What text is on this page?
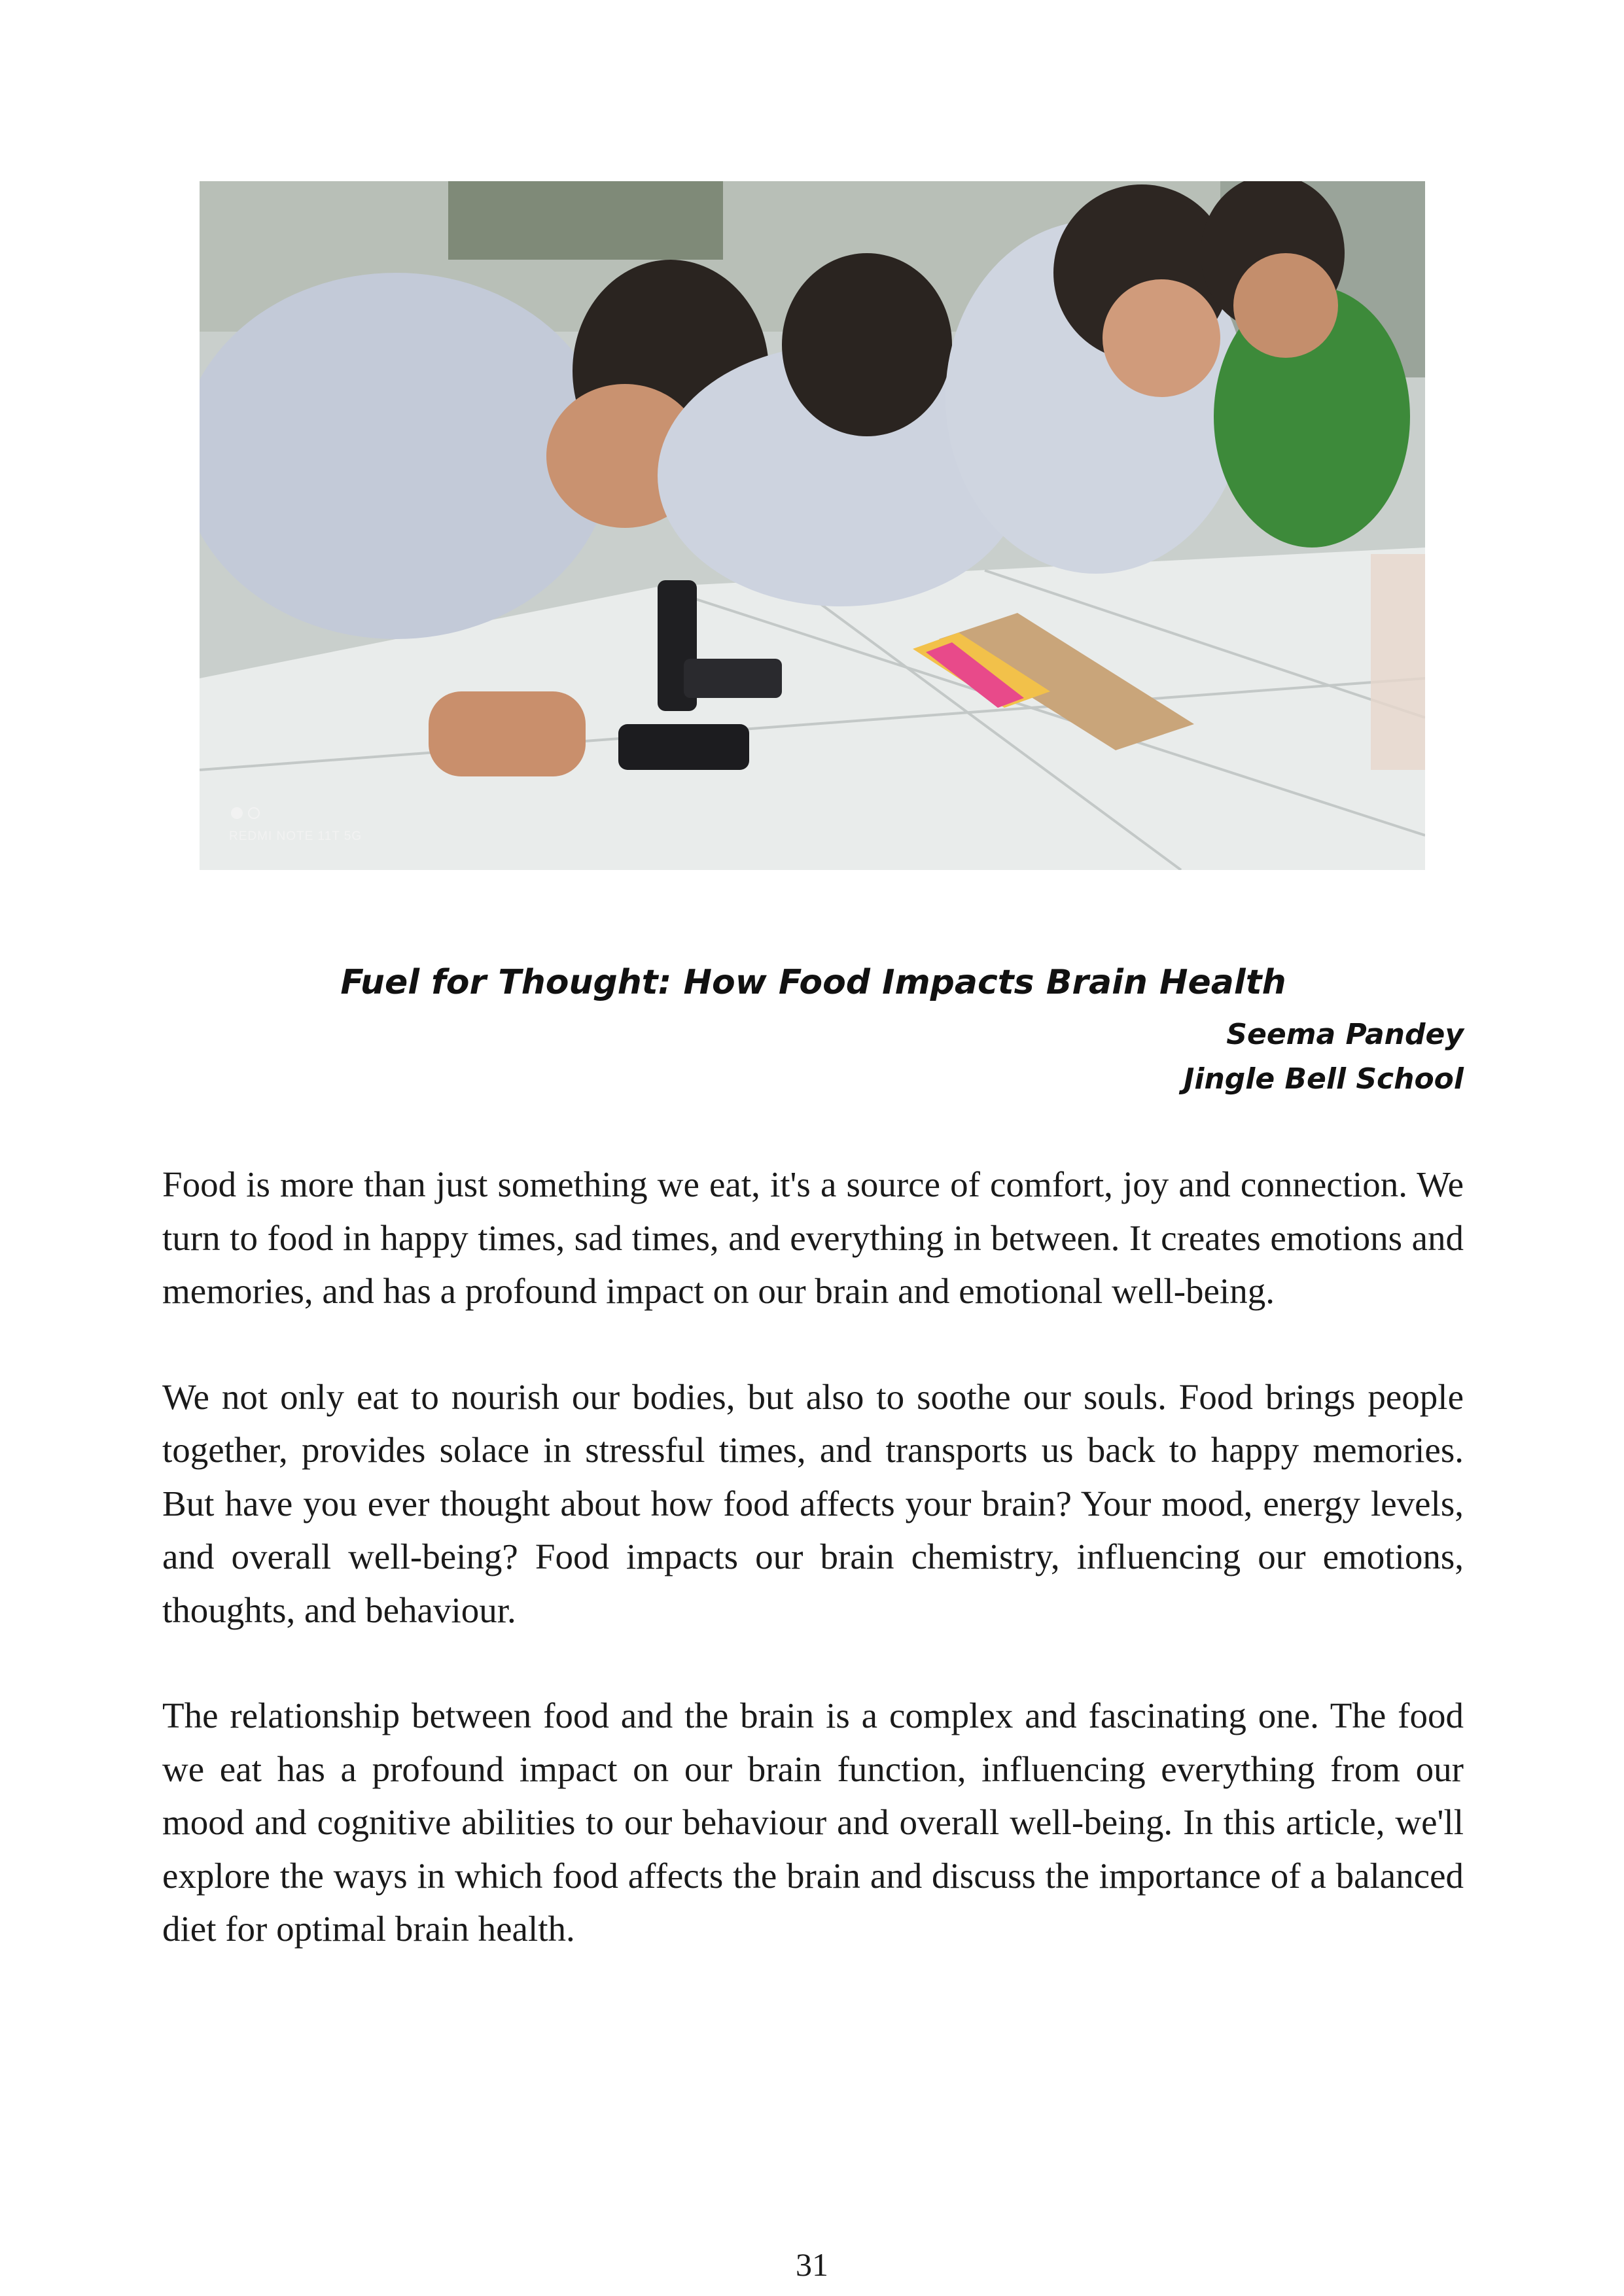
REDMI NOTE 11T 5G
Fuel for Thought: How Food Impacts Brain Health
Seema Pandey
Jingle Bell School

Food is more than just something we eat, it's a source of comfort, joy and connection. We turn to food in happy times, sad times, and everything in between. It creates emotions and memories, and has a profound impact on our brain and emotional well-being.

We not only eat to nourish our bodies, but also to soothe our souls. Food brings people together, provides solace in stressful times, and transports us back to happy memories. But have you ever thought about how food affects your brain? Your mood, energy levels, and overall well-being? Food impacts our brain chemistry, influencing our emotions, thoughts, and behaviour.

The relationship between food and the brain is a complex and fascinating one. The food we eat has a profound impact on our brain function, influencing everything from our mood and cognitive abilities to our behaviour and overall well-being. In this article, we'll explore the ways in which food affects the brain and discuss the importance of a balanced diet for optimal brain health.

31
